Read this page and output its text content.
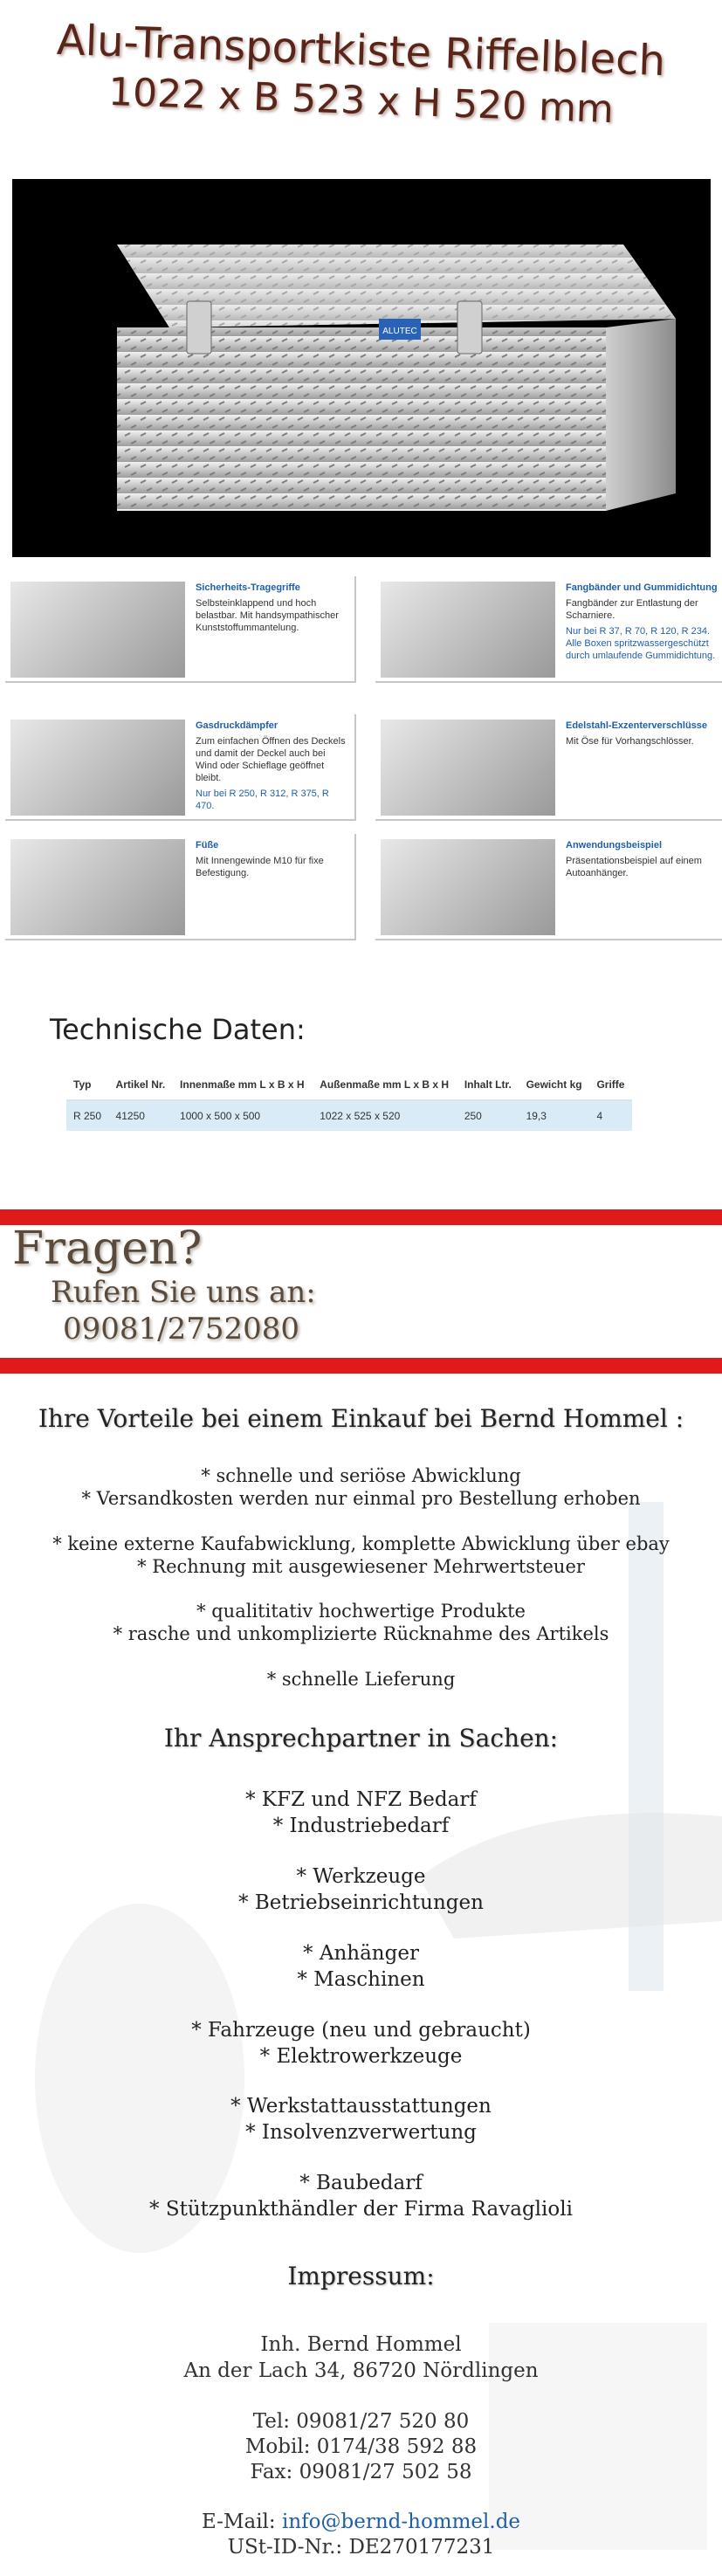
Alu-Transportkiste Riffelblech
1022 x B 523 x H 520 mm
ALUTEC
Sicherheits-Tragegriffe
Selbsteinklappend und hoch belastbar. Mit handsympathischer Kunststoffummantelung.
Fangbänder und Gummidichtung
Fangbänder zur Entlastung der Scharniere.
Nur bei R 37, R 70, R 120, R 234. Alle Boxen spritzwassergeschützt durch umlaufende Gummidichtung.
Gasdruckdämpfer
Zum einfachen Öffnen des Deckels und damit der Deckel auch bei Wind oder Schieflage geöffnet bleibt.
Nur bei R 250, R 312, R 375, R 470.
Edelstahl-Exzenterverschlüsse
Mit Öse für Vorhangschlösser.
Füße
Mit Innengewinde M10 für fixe Befestigung.
Anwendungsbeispiel
Präsentationsbeispiel auf einem Autoanhänger.
Technische Daten:
Typ	Artikel Nr.	Innenmaße mm L x B x H	Außenmaße mm L x B x H	Inhalt Ltr.	Gewicht kg	Griffe
R 250	41250	1000 x 500 x 500	1022 x 525 x 520	250	19,3	4
Fragen?
Rufen Sie uns an:
09081/2752080
Ihre Vorteile bei einem Einkauf bei Bernd Hommel :
* schnelle und seriöse Abwicklung
* Versandkosten werden nur einmal pro Bestellung erhoben
* keine externe Kaufabwicklung, komplette Abwicklung über ebay
* Rechnung mit ausgewiesener Mehrwertsteuer
* qualititativ hochwertige Produkte
* rasche und unkomplizierte Rücknahme des Artikels
* schnelle Lieferung
Ihr Ansprechpartner in Sachen:
* KFZ und NFZ Bedarf
* Industriebedarf
* Werkzeuge
* Betriebseinrichtungen
* Anhänger
* Maschinen
* Fahrzeuge (neu und gebraucht)
* Elektrowerkzeuge
* Werkstattausstattungen
* Insolvenzverwertung
* Baubedarf
* Stützpunkthändler der Firma Ravaglioli
Impressum:
Inh. Bernd Hommel
An der Lach 34, 86720 Nördlingen
Tel: 09081/27 520 80
Mobil: 0174/38 592 88
Fax: 09081/27 502 58
E-Mail: info@bernd-hommel.de
USt-ID-Nr.: DE270177231
